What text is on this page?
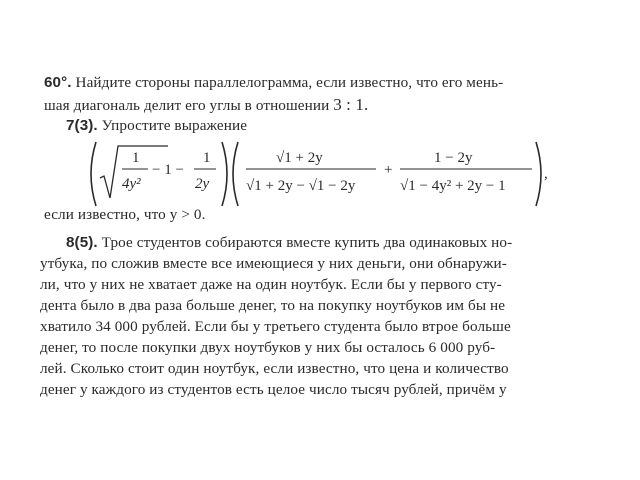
60°. Найдите стороны параллелограмма, если известно, что его мень-
шая диагональ делит его углы в отношении 3 : 1.
7(3). Упростите выражение
1
4y²
− 1 −
1
2y
√1 + 2y
√1 + 2y − √1 − 2y
+
1 − 2y
√1 − 4y² + 2y − 1
,
если известно, что y > 0.
8(5). Трое студентов собираются вместе купить два одинаковых но-
утбука, по сложив вместе все имеющиеся у них деньги, они обнаружи-
ли, что у них не хватает даже на один ноутбук. Если бы у первого сту-
дента было в два раза больше денег, то на покупку ноутбуков им бы не
хватило 34 000 рублей. Если бы у третьего студента было втрое больше
денег, то после покупки двух ноутбуков у них бы осталось 6 000 руб-
лей. Сколько стоит один ноутбук, если известно, что цена и количество
денег у каждого из студентов есть целое число тысяч рублей, причём у
